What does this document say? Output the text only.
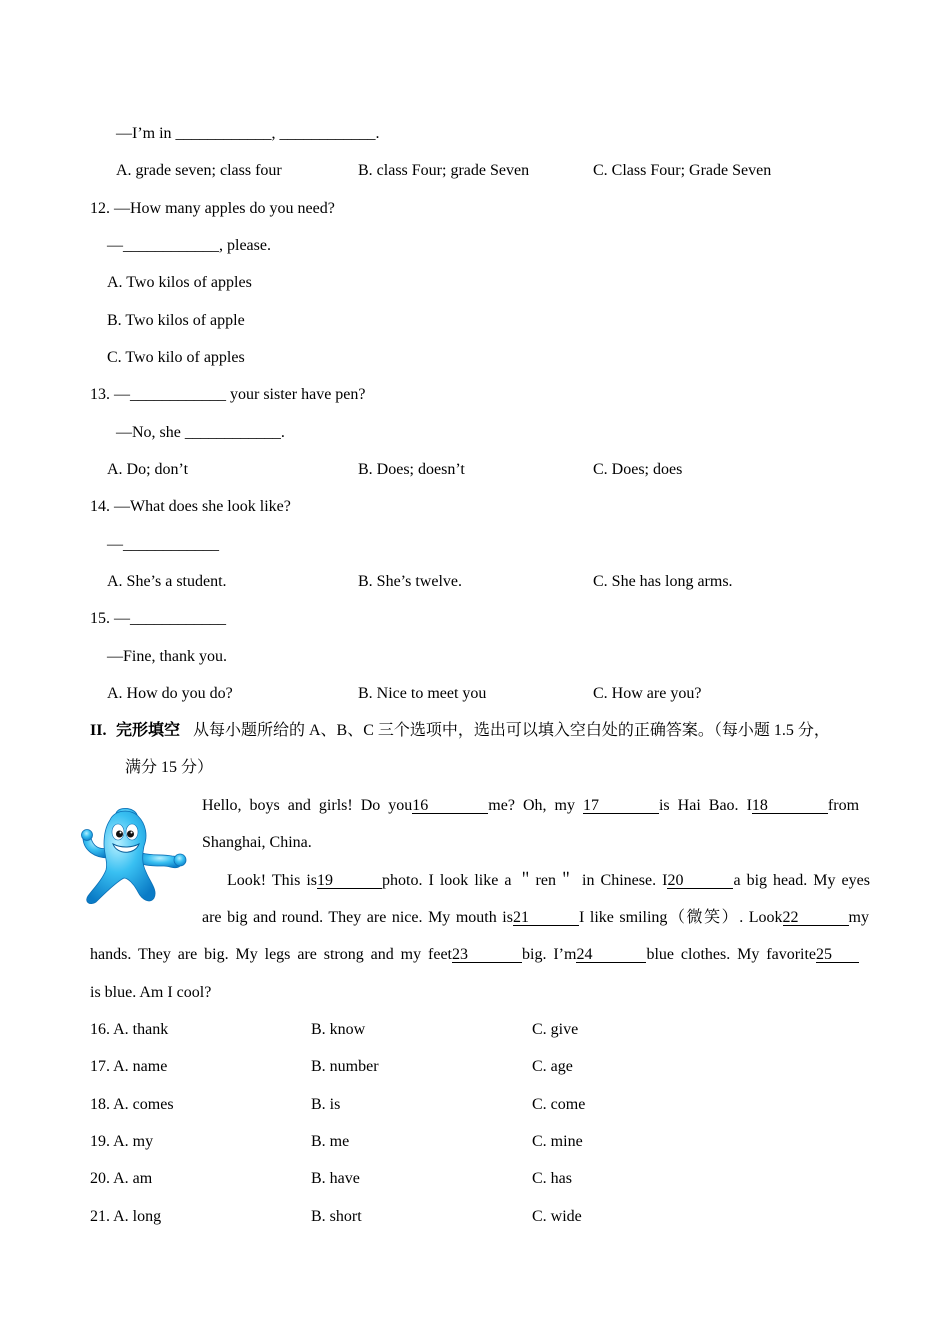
—I’m in ____________, ____________.
A. grade seven; class four	B. class Four; grade Seven	C. Class Four; Grade Seven
12. —How many apples do you need?
—____________, please.
A. Two kilos of apples
B. Two kilos of apple
C. Two kilo of apples
13. —____________ your sister have pen?
—No, she ____________.
A. Do; don’t	B. Does; doesn’t	C. Does; does
14. —What does she look like?
—____________
A. She’s a student.	B. She’s twelve.	C. She has long arms.
15. —____________
—Fine, thank you.
A. How do you do?	B. Nice to meet you	C. How are you?
II. 完形填空 从每小题所给的 A、B、C 三个选项中，选出可以填入空白处的正确答案。（每小题 1.5 分，
满分 15 分）
Hello, boys and girls! Do you16	me? Oh, my 17	is Hai Bao. I18	from
Shanghai, China.
Look! This is19	photo. I look like a ＂ren＂ in Chinese. I20	a big head. My eyes
are big and round. They are nice. My mouth is21	I like smiling（微笑）. Look22	my
hands. They are big. My legs are strong and my feet23	big. I’m24	blue clothes. My favorite25
is blue. Am I cool?
16. A. thank	B. know	C. give
17. A. name	B. number	C. age
18. A. comes	B. is	C. come
19. A. my	B. me	C. mine
20. A. am	B. have	C. has
21. A. long	B. short	C. wide
